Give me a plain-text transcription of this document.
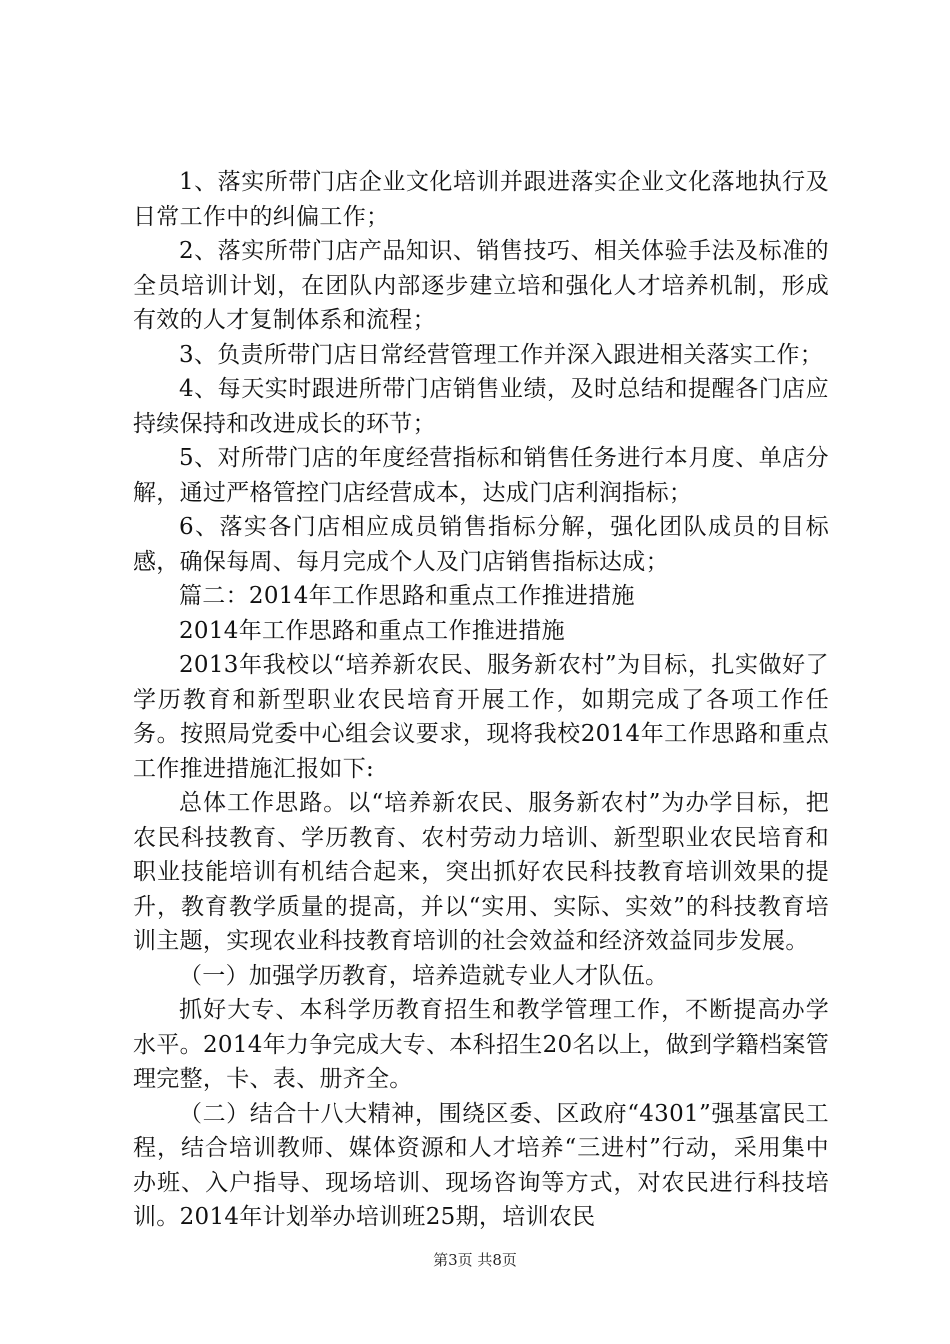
1、落实所带门店企业文化培训并跟进落实企业文化落地执行及日常工作中的纠偏工作；

2、落实所带门店产品知识、销售技巧、相关体验手法及标准的全员培训计划，在团队内部逐步建立培和强化人才培养机制，形成有效的人才复制体系和流程；

3、负责所带门店日常经营管理工作并深入跟进相关落实工作；

4、每天实时跟进所带门店销售业绩，及时总结和提醒各门店应持续保持和改进成长的环节；

5、对所带门店的年度经营指标和销售任务进行本月度、单店分解，通过严格管控门店经营成本，达成门店利润指标；

6、落实各门店相应成员销售指标分解，强化团队成员的目标感，确保每周、每月完成个人及门店销售指标达成；

篇二：2014年工作思路和重点工作推进措施

2014年工作思路和重点工作推进措施

2013年我校以“培养新农民、服务新农村”为目标，扎实做好了学历教育和新型职业农民培育开展工作，如期完成了各项工作任务。按照局党委中心组会议要求，现将我校2014年工作思路和重点工作推进措施汇报如下:

总体工作思路。以“培养新农民、服务新农村”为办学目标，把农民科技教育、学历教育、农村劳动力培训、新型职业农民培育和职业技能培训有机结合起来，突出抓好农民科技教育培训效果的提升，教育教学质量的提高，并以“实用、实际、实效”的科技教育培训主题，实现农业科技教育培训的社会效益和经济效益同步发展。

（一）加强学历教育，培养造就专业人才队伍。

抓好大专、本科学历教育招生和教学管理工作，不断提高办学水平。2014年力争完成大专、本科招生20名以上，做到学籍档案管理完整，卡、表、册齐全。

（二）结合十八大精神，围绕区委、区政府“4301”强基富民工程，结合培训教师、媒体资源和人才培养“三进村”行动，采用集中办班、入户指导、现场培训、现场咨询等方式，对农民进行科技培训。2014年计划举办培训班25期，培训农民

第3页 共8页
